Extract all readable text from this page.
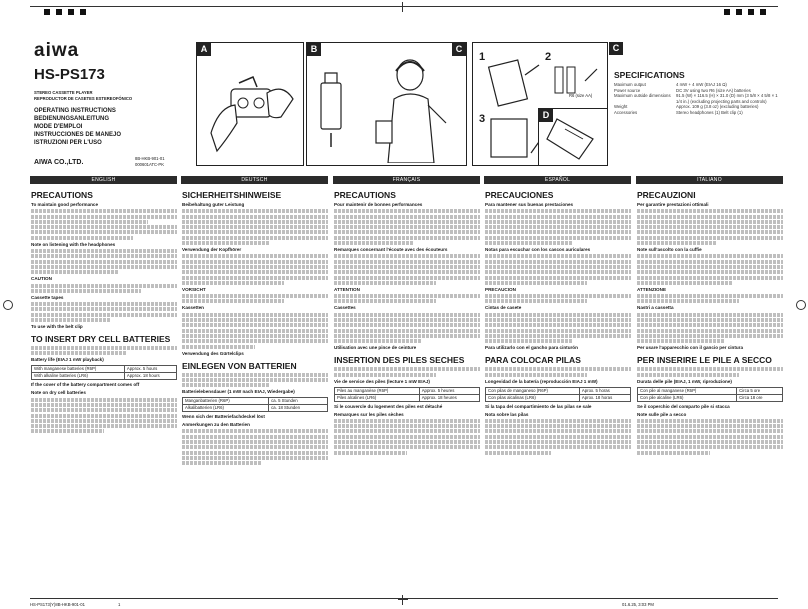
aiwa
HS-PS173
STEREO CASSETTE PLAYER
REPRODUCTOR DE CASETES ESTEREOFÓNICO
OPERATING INSTRUCTIONS
BEDIENUNGSANLEITUNG
MODE D'EMPLOI
INSTRUCCIONES DE MANEJO
ISTRUZIONI PER L'USO
AIWA CO.,LTD.
8B-HKB-901-01
000601ATC-PK
A	B	C	C
1	2
3
R6 (size AA)
D
SPECIFICATIONS
Maximum output	4 mW + 4 mW (EIAJ 16 Ω)
Power source	DC 3V using two R6 (size AA) batteries
Maximum outside dimensions	91.5 (W) × 116.5 (H) × 31.0 (D) mm (3 5/8 × 4 5/8 × 1 1/4 in.) (excluding projecting parts and controls)
Weight	Approx. 109 g (3.8 oz) (excluding batteries)
Accessories	Stereo headphones (1) Belt clip (1)
ENGLISH	DEUTSCH	FRANÇAIS	ESPAÑOL	ITALIANO
PRECAUTIONS
To maintain good performance
Note on listening with the headphones
CAUTION
Cassette tapes
To use with the belt clip
TO INSERT DRY CELL BATTERIES
Battery life (EIAJ 1 mW playback)
With manganese batteries (R6P)	Approx. 5 hours
With alkaline batteries (LR6)	Approx. 18 hours
If the cover of the battery compartment comes off
Note on dry cell batteries
SICHERHEITSHINWEISE
Beibehaltung guter Leistung
Verwendung der Kopfhörer
VORSICHT
Kassetten
Verwendung des Gürtelclips
EINLEGEN VON BATTERIEN
Batterielebensdauer (1 mW nach EIAJ, Wiedergabe)
Manganbatterien (R6P)	ca. 5 Stunden
Alkalibatterien (LR6)	ca. 18 Stunden
Wenn sich der Batteriefachdeckel löst
Anmerkungen zu den Batterien
PRECAUTIONS
Pour maintenir de bonnes performances
Remarques concernant l'écoute avec des écouteurs
ATTENTION
Cassettes
Utilisation avec une pince de ceinture
INSERTION DES PILES SECHES
Vie de service des piles (lecture 1 mW EIAJ)
Piles au manganèse (R6P)	Approx. 5 heures
Piles alcalines (LR6)	Approx. 18 heures
Si le couvercle du logement des piles est détaché
Remarques sur les piles sèches
PRECAUCIONES
Para mantener sus buenas prestaciones
Notas para escuchar con los cascos auriculares
PRECAUCION
Cintas de casete
Para utilizarlo con el gancho para cinturón
PARA COLOCAR PILAS
Longevidad de la batería (reproducción EIAJ 1 mW)
Con pilas de manganeso (R6P)	Aprox. 5 horas
Con pilas alcalinas (LR6)	Aprox. 18 horas
Si la tapa del compartimiento de las pilas se sale
Nota sobre las pilas
PRECAUZIONI
Per garantire prestazioni ottimali
Note sull'ascolto con la cuffie
ATTENZIONE
Nastri a cassetta
Per usare l'apparecchio con il gancio per cintura
PER INSERIRE LE PILE A SECCO
Durata delle pile (EIAJ, 1 mW, riproduzione)
Con pile al manganese (R6P)	Circa 5 ore
Con pile alcaline (LR6)	Circa 18 ore
Se il coperchio del comparto pile si stacca
Note sulle pile a secco
HS-PS173(Y)8B-HKB-901-01	1	01.6.25, 3:03 PM
